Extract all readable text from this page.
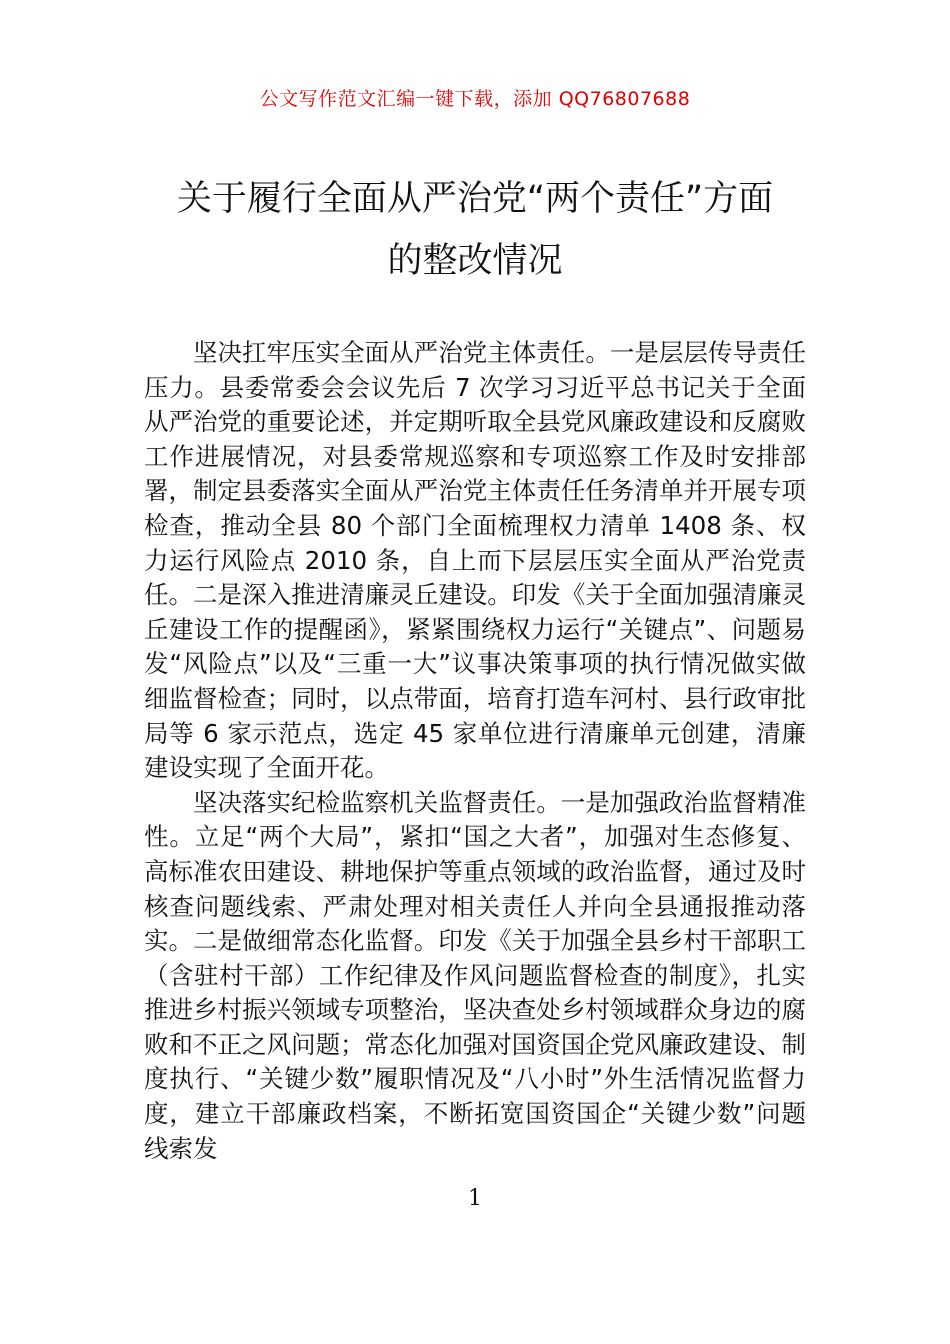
公文写作范文汇编一键下载，添加 QQ76807688
关于履行全面从严治党“两个责任”方面
的整改情况

坚决扛牢压实全面从严治党主体责任。一是层层传导责任压力。县委常委会会议先后 7 次学习习近平总书记关于全面从严治党的重要论述，并定期听取全县党风廉政建设和反腐败工作进展情况，对县委常规巡察和专项巡察工作及时安排部署，制定县委落实全面从严治党主体责任任务清单并开展专项检查，推动全县 80 个部门全面梳理权力清单 1408 条、权力运行风险点 2010 条，自上而下层层压实全面从严治党责任。二是深入推进清廉灵丘建设。印发《关于全面加强清廉灵丘建设工作的提醒函》，紧紧围绕权力运行“关键点”、问题易发“风险点”以及“三重一大”议事决策事项的执行情况做实做细监督检查；同时，以点带面，培育打造车河村、县行政审批局等 6 家示范点，选定 45 家单位进行清廉单元创建，清廉建设实现了全面开花。

坚决落实纪检监察机关监督责任。一是加强政治监督精准性。立足“两个大局”，紧扣“国之大者”，加强对生态修复、高标准农田建设、耕地保护等重点领域的政治监督，通过及时核查问题线索、严肃处理对相关责任人并向全县通报推动落实。二是做细常态化监督。印发《关于加强全县乡村干部职工（含驻村干部）工作纪律及作风问题监督检查的制度》，扎实推进乡村振兴领域专项整治，坚决查处乡村领域群众身边的腐败和不正之风问题；常态化加强对国资国企党风廉政建设、制度执行、“关键少数”履职情况及“八小时”外生活情况监督力度，建立干部廉政档案，不断拓宽国资国企“关键少数”问题线索发

1
